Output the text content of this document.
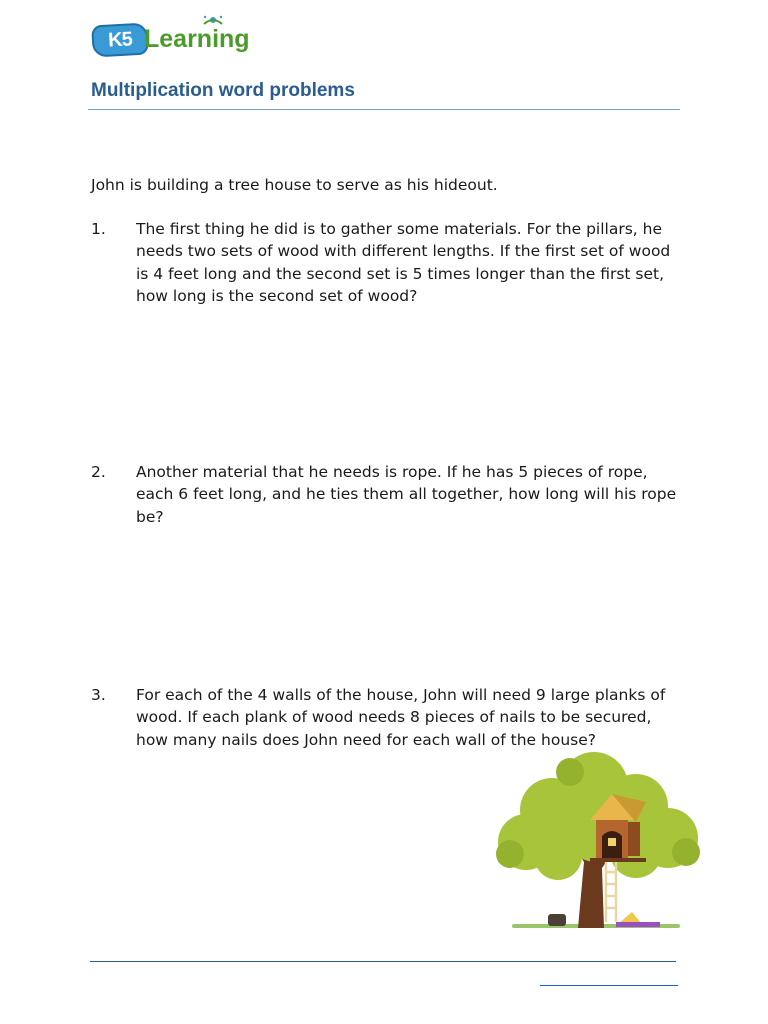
K5 Learning
Multiplication word problems
John is building a tree house to serve as his hideout.
1. The first thing he did is to gather some materials. For the pillars, he needs two sets of wood with different lengths. If the first set of wood is 4 feet long and the second set is 5 times longer than the first set, how long is the second set of wood?
2. Another material that he needs is rope. If he has 5 pieces of rope, each 6 feet long, and he ties them all together, how long will his rope be?
3. For each of the 4 walls of the house, John will need 9 large planks of wood. If each plank of wood needs 8 pieces of nails to be secured, how many nails does John need for each wall of the house?
